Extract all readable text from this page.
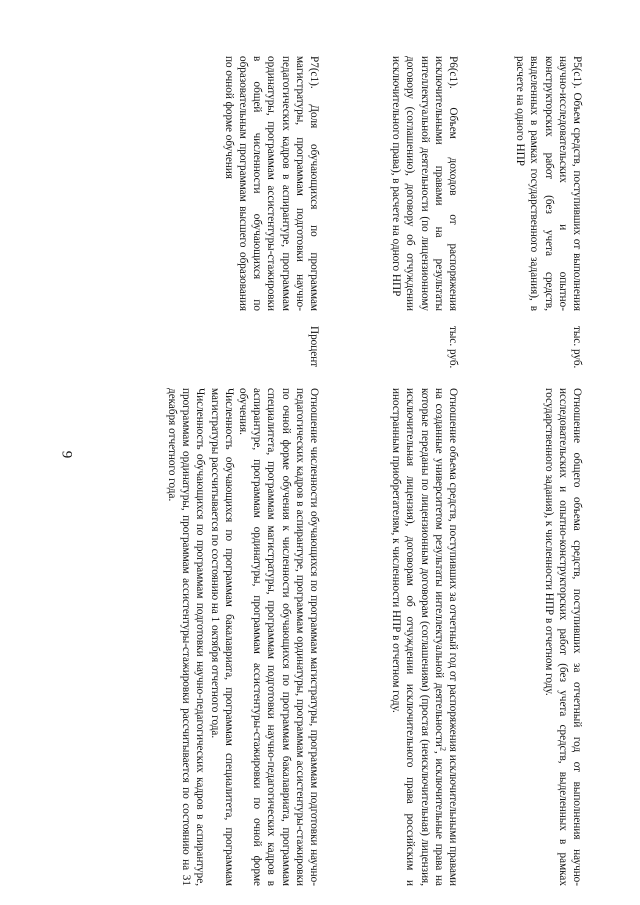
9
P5(c1). Объем средств, поступивших от выполнения научно-исследовательских и опытно-конструкторских работ (без учета средств, выделенных в рамках государственного задания), в расчете на одного НПР
тыс. руб.

Отношение общего объема средств, поступивших за отчетный год от выполнения научно-исследовательских и опытно-конструкторских работ (без учета средств, выделенных в рамках государственного задания), к численности НПР в отчетном году.

P6(c1). Объем доходов от распоряжения исключительными правами на результаты интеллектуальной деятельности (по лицензионному договору (соглашению), договору об отчуждении исключительного права), в расчете на одного НПР
тыс. руб.

Отношение объема средств, поступивших за отчетный год от распоряжения исключительными правами на созданные университетом результаты интеллектуальной деятельности$^2$, исключительные права на которые переданы по лицензионным договорам (соглашениям) (простая (неисключительная) лицензия, исключительная лицензия), договорам об отчуждении исключительного права российским и иностранным приобретателям, к численности НПР в отчетном году.

P7(c1). Доля обучающихся по программам магистратуры, программам подготовки научно-педагогических кадров в аспирантуре, программам ординатуры, программам ассистентуры-стажировки в общей численности обучающихся по образовательным программам высшего образования по очной форме обучения
Процент

Отношение численности обучающихся по программам магистратуры, программам подготовки научно-педагогических кадров в аспирантуре, программам ординатуры, программам ассистентуры-стажировки по очной форме обучения к численности обучающихся по программам бакалавриата, программам специалитета, программам магистратуры, программам подготовки научно-педагогических кадров в аспирантуре, программам ординатуры, программам ассистентуры-стажировки по очной форме обучения.

Численность обучающихся по программам бакалавриата, программам специалитета, программам магистратуры рассчитывается по состоянию на 1 октября отчетного года.

Численность обучающихся по программам подготовки научно-педагогических кадров в аспирантуре, программам ординатуры, программам ассистентуры-стажировки рассчитывается по состоянию на 31 декабря отчетного года.
